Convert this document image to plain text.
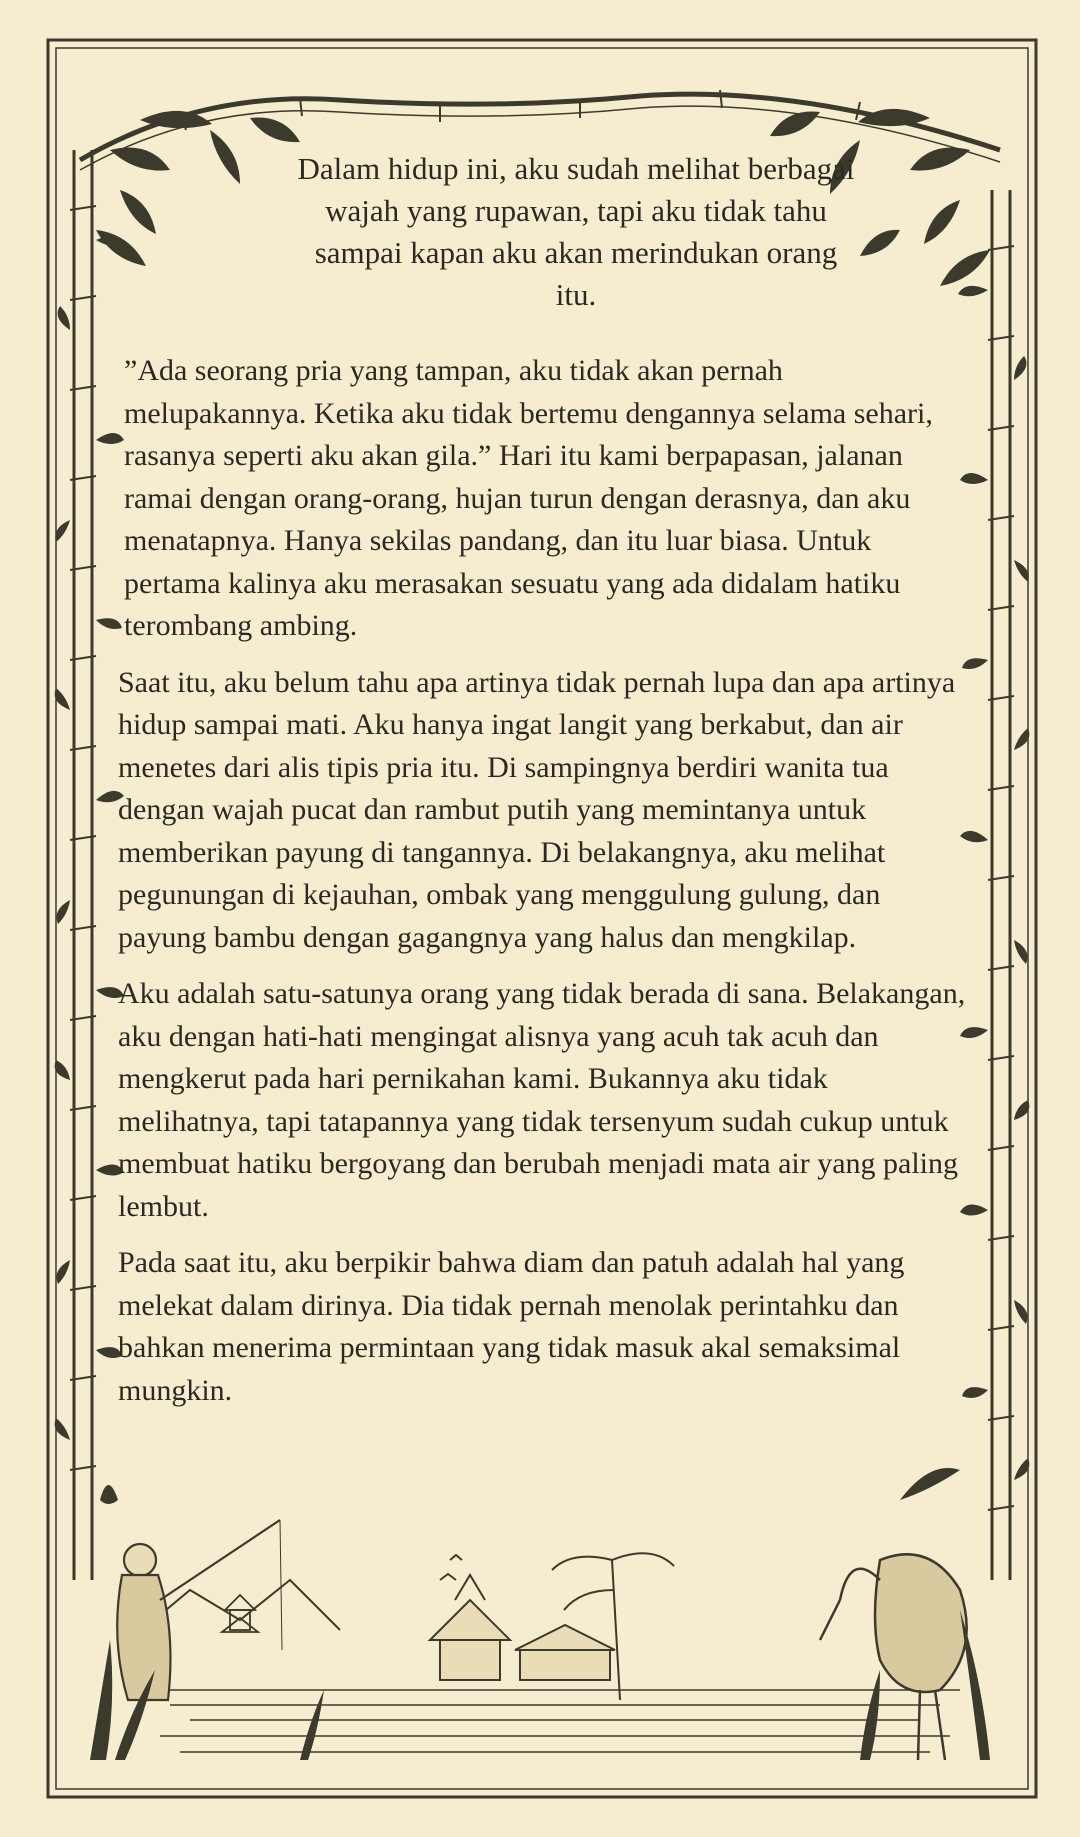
Dalam hidup ini, aku sudah melihat berbagai wajah yang rupawan, tapi aku tidak tahu sampai kapan aku akan merindukan orang itu.

”Ada seorang pria yang tampan, aku tidak akan pernah melupakannya. Ketika aku tidak bertemu dengannya selama sehari, rasanya seperti aku akan gila.” Hari itu kami berpapasan, jalanan ramai dengan orang-orang, hujan turun dengan derasnya, dan aku menatapnya. Hanya sekilas pandang, dan itu luar biasa. Untuk pertama kalinya aku merasakan sesuatu yang ada didalam hatiku terombang ambing.

Saat itu, aku belum tahu apa artinya tidak pernah lupa dan apa artinya hidup sampai mati. Aku hanya ingat langit yang berkabut, dan air menetes dari alis tipis pria itu. Di sampingnya berdiri wanita tua dengan wajah pucat dan rambut putih yang memintanya untuk memberikan payung di tangannya. Di belakangnya, aku melihat pegunungan di kejauhan, ombak yang menggulung gulung, dan payung bambu dengan gagangnya yang halus dan mengkilap.

Aku adalah satu-satunya orang yang tidak berada di sana. Belakangan, aku dengan hati-hati mengingat alisnya yang acuh tak acuh dan mengkerut pada hari pernikahan kami. Bukannya aku tidak melihatnya, tapi tatapannya yang tidak tersenyum sudah cukup untuk membuat hatiku bergoyang dan berubah menjadi mata air yang paling lembut.

Pada saat itu, aku berpikir bahwa diam dan patuh adalah hal yang melekat dalam dirinya. Dia tidak pernah menolak perintahku dan bahkan menerima permintaan yang tidak masuk akal semaksimal mungkin.
